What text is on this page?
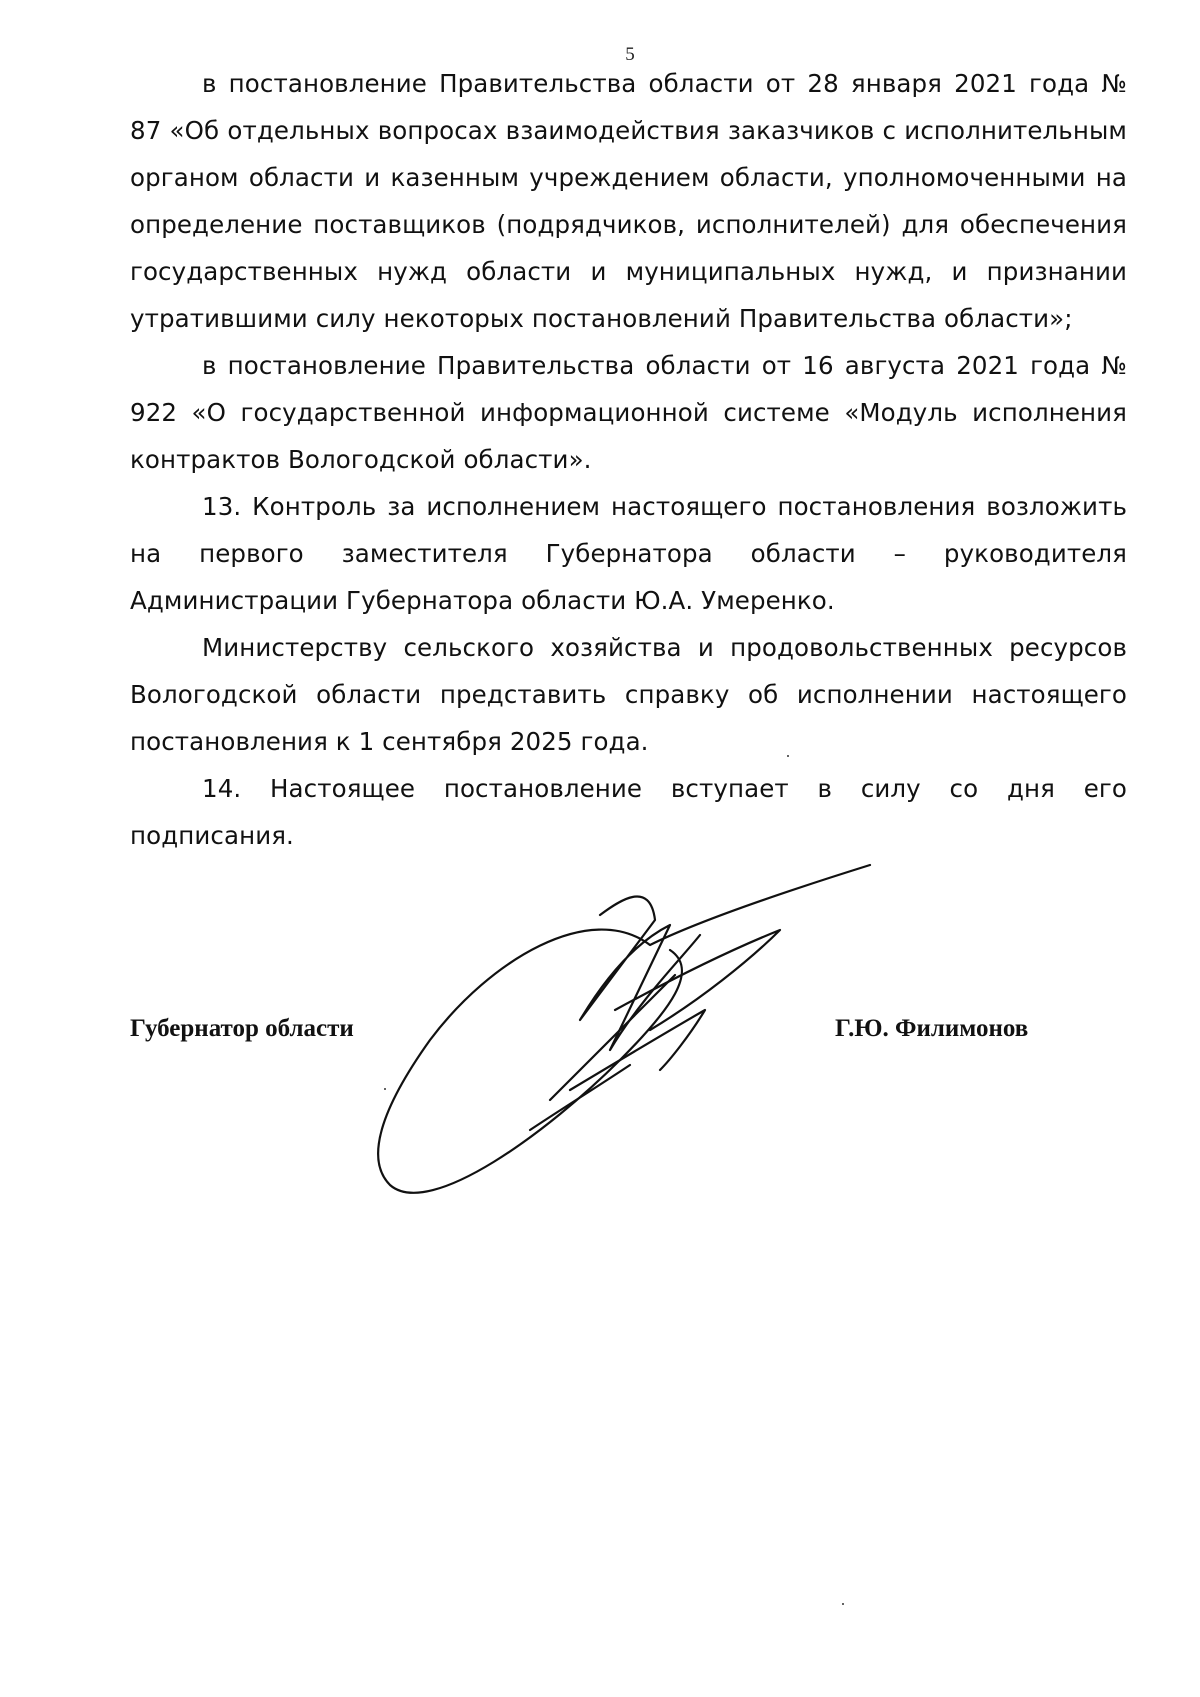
5

в постановление Правительства области от 28 января 2021 года № 87 «Об отдельных вопросах взаимодействия заказчиков с исполнительным органом области и казенным учреждением области, уполномоченными на определение поставщиков (подрядчиков, исполнителей) для обеспечения государственных нужд области и муниципальных нужд, и признании утратившими силу некоторых постановлений Правительства области»;

в постановление Правительства области от 16 августа 2021 года № 922 «О государственной информационной системе «Модуль исполнения контрактов Вологодской области».

13. Контроль за исполнением настоящего постановления возложить на первого заместителя Губернатора области – руководителя Администрации Губернатора области Ю.А. Умеренко.

Министерству сельского хозяйства и продовольственных ресурсов Вологодской области представить справку об исполнении настоящего постановления к 1 сентября 2025 года.

14. Настоящее постановление вступает в силу со дня его подписания.

Губернатор области	Г.Ю. Филимонов
